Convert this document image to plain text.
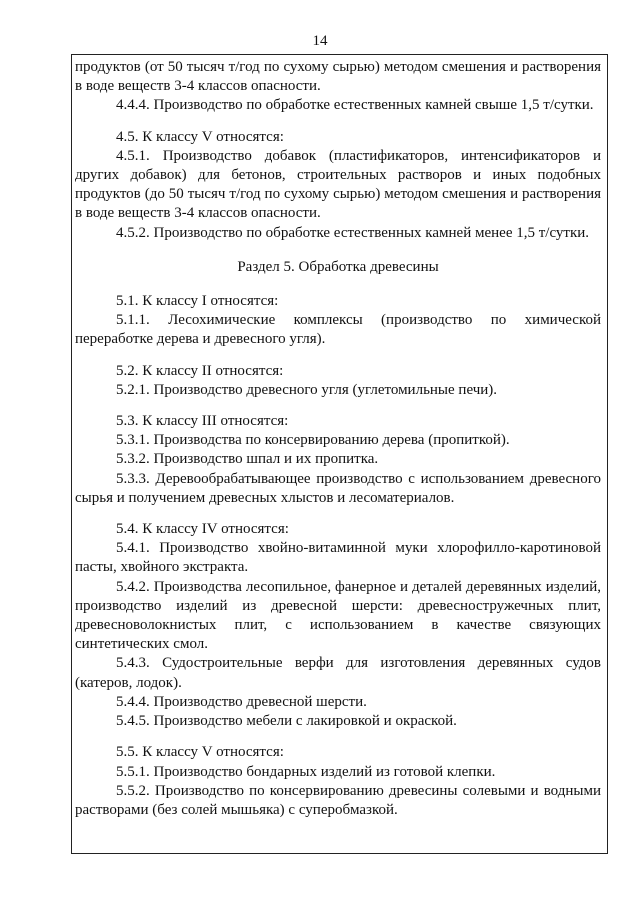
14

продуктов (от 50 тысяч т/год по сухому сырью) методом смешения и растворения в воде веществ 3-4 классов опасности.

4.4.4. Производство по обработке естественных камней свыше 1,5 т/сутки.

4.5. К классу V относятся:

4.5.1. Производство добавок (пластификаторов, интенсификаторов и других добавок) для бетонов, строительных растворов и иных подобных продуктов (до 50 тысяч т/год по сухому сырью) методом смешения и растворения в воде веществ 3-4 классов опасности.

4.5.2. Производство по обработке естественных камней менее 1,5 т/сутки.

Раздел 5. Обработка древесины

5.1. К классу I относятся:

5.1.1. Лесохимические комплексы (производство по химической переработке дерева и древесного угля).

5.2. К классу II относятся:

5.2.1. Производство древесного угля (углетомильные печи).

5.3. К классу III относятся:

5.3.1. Производства по консервированию дерева (пропиткой).

5.3.2. Производство шпал и их пропитка.

5.3.3. Деревообрабатывающее производство с использованием древесного сырья и получением древесных хлыстов и лесоматериалов.

5.4. К классу IV относятся:

5.4.1. Производство хвойно-витаминной муки хлорофилло-каротиновой пасты, хвойного экстракта.

5.4.2. Производства лесопильное, фанерное и деталей деревянных изделий, производство изделий из древесной шерсти: древесностружечных плит, древесноволокнистых плит, с использованием в качестве связующих синтетических смол.

5.4.3. Судостроительные верфи для изготовления деревянных судов (катеров, лодок).

5.4.4. Производство древесной шерсти.

5.4.5. Производство мебели с лакировкой и окраской.

5.5. К классу V относятся:

5.5.1. Производство бондарных изделий из готовой клепки.

5.5.2. Производство по консервированию древесины солевыми и водными растворами (без солей мышьяка) с суперобмазкой.
